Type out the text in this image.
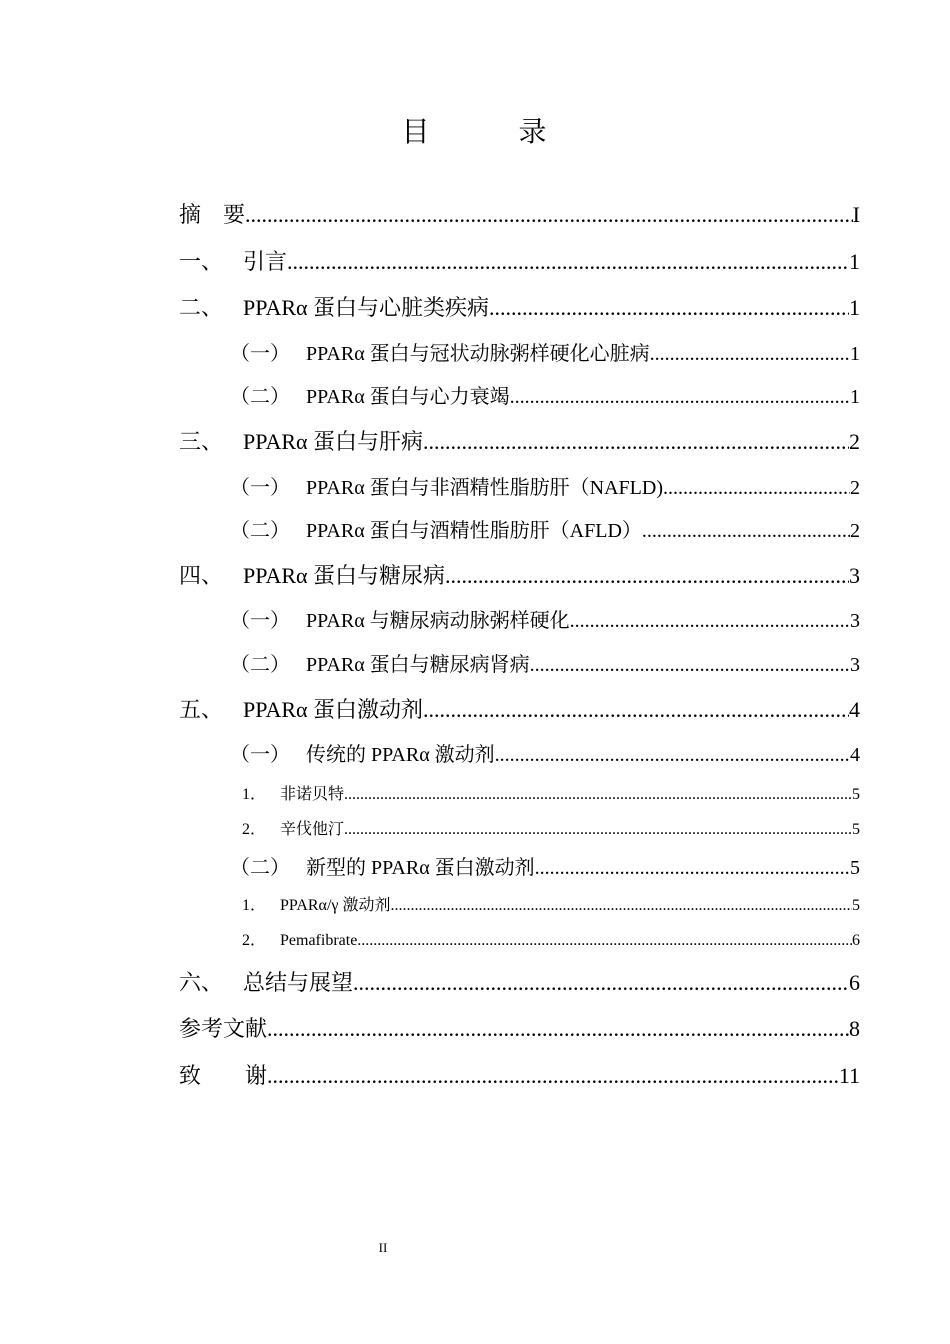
目 录
摘　要 .....	I
一、 引言 .....	1
二、 PPARα 蛋白与心脏类疾病 .....	1
（一） PPARα 蛋白与冠状动脉粥样硬化心脏病 .....	1
（二） PPARα 蛋白与心力衰竭 .....	1
三、 PPARα 蛋白与肝病 .....	2
（一） PPARα 蛋白与非酒精性脂肪肝（NAFLD) .....	2
（二） PPARα 蛋白与酒精性脂肪肝（AFLD） .....	2
四、 PPARα 蛋白与糖尿病 .....	3
（一） PPARα 与糖尿病动脉粥样硬化 .....	3
（二） PPARα 蛋白与糖尿病肾病 .....	3
五、 PPARα 蛋白激动剂 .....	4
（一） 传统的 PPARα 激动剂 .....	4
1． 非诺贝特 .....	5
2． 辛伐他汀 .....	5
（二） 新型的 PPARα 蛋白激动剂 .....	5
1． PPARα/γ 激动剂 .....	5
2． Pemafibrate .....	6
六、 总结与展望 .....	6
参考文献 .....	8
致　　谢 .....	11
II
